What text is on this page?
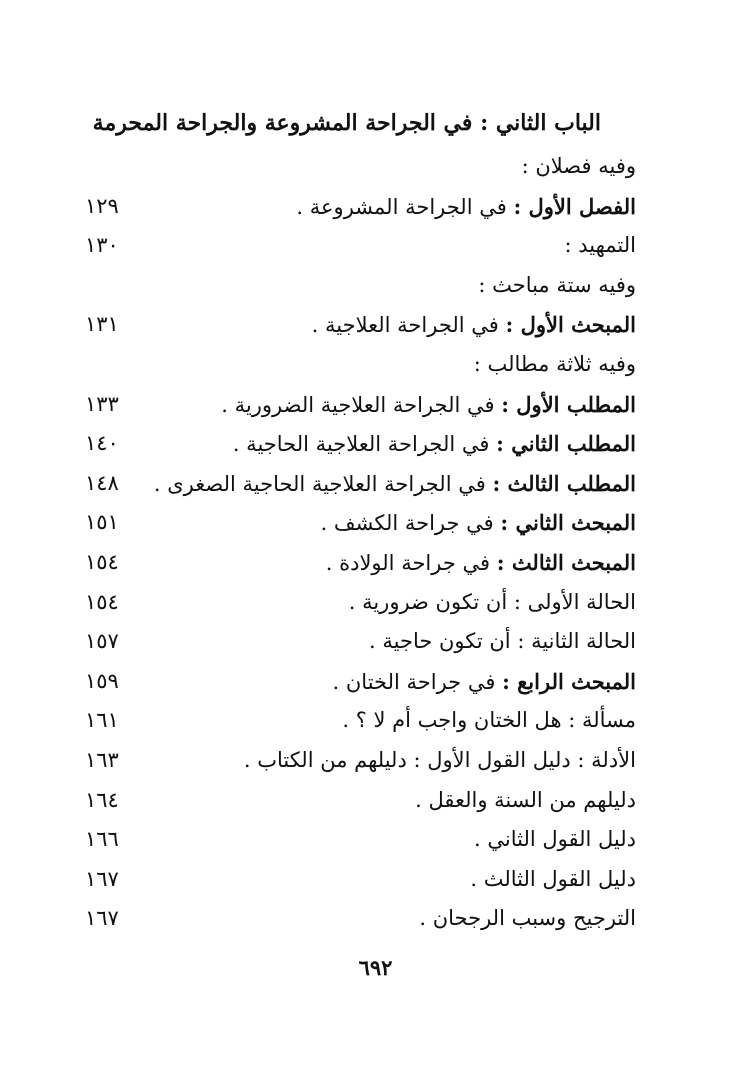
الباب الثاني : في الجراحة المشروعة والجراحة المحرمة
وفيه فصلان :
الفصل الأول : في الجراحة المشروعة .
١٢٩
التمهيد :
١٣٠
وفيه ستة مباحث :
المبحث الأول : في الجراحة العلاجية .
١٣١
وفيه ثلاثة مطالب :
المطلب الأول : في الجراحة العلاجية الضرورية .
١٣٣
المطلب الثاني : في الجراحة العلاجية الحاجية .
١٤٠
المطلب الثالث : في الجراحة العلاجية الحاجية الصغرى .
١٤٨
المبحث الثاني : في جراحة الكشف .
١٥١
المبحث الثالث : في جراحة الولادة .
١٥٤
الحالة الأولى : أن تكون ضرورية .
١٥٤
الحالة الثانية : أن تكون حاجية .
١٥٧
المبحث الرابع : في جراحة الختان .
١٥٩
مسألة : هل الختان واجب أم لا ؟ .
١٦١
الأدلة : دليل القول الأول : دليلهم من الكتاب .
١٦٣
دليلهم من السنة والعقل .
١٦٤
دليل القول الثاني .
١٦٦
دليل القول الثالث .
١٦٧
الترجيح وسبب الرجحان .
١٦٧
٦٩٢
